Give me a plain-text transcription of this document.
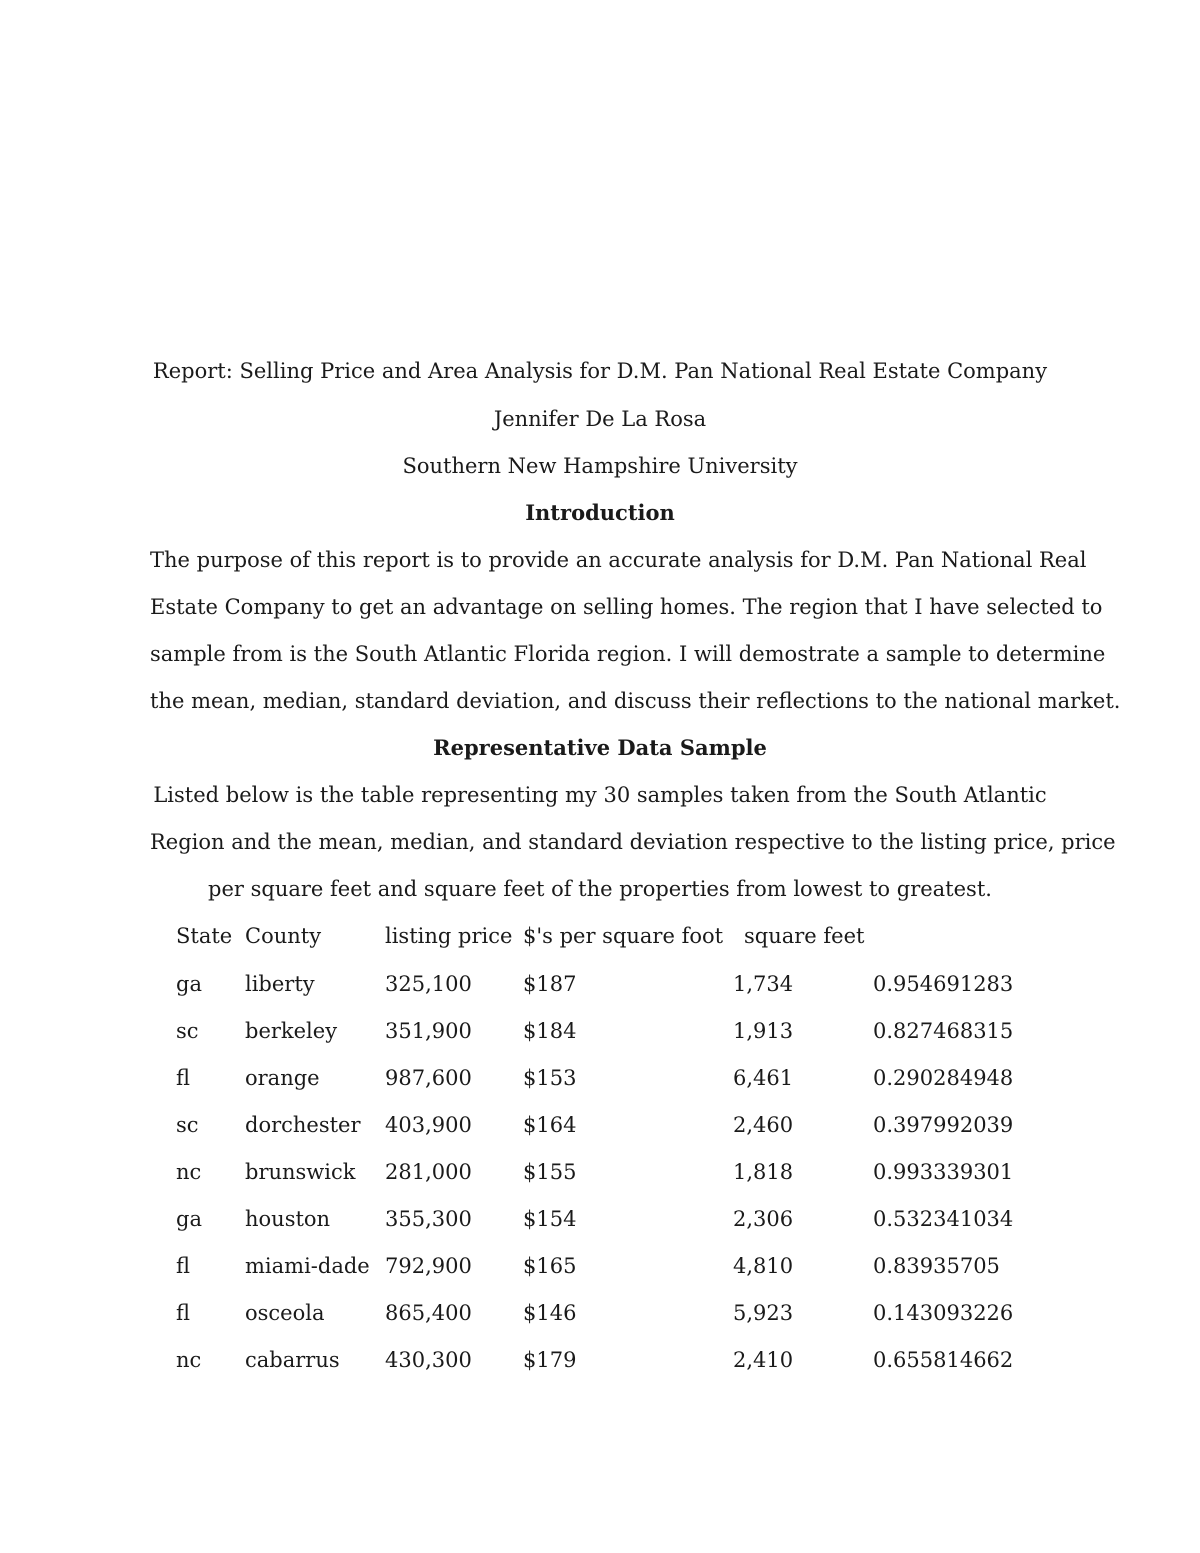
Report: Selling Price and Area Analysis for D.M. Pan National Real Estate Company
Jennifer De La Rosa
Southern New Hampshire University
Introduction
The purpose of this report is to provide an accurate analysis for D.M. Pan National Real
Estate Company to get an advantage on selling homes. The region that I have selected to
sample from is the South Atlantic Florida region. I will demostrate a sample to determine
the mean, median, standard deviation, and discuss their reflections to the national market.
Representative Data Sample
Listed below is the table representing my 30 samples taken from the South Atlantic
Region and the mean, median, and standard deviation respective to the listing price, price
per square feet and square feet of the properties from lowest to greatest.
State County	listing price $'s per square foot square feet
ga	liberty	325,100	$187	1,734	0.954691283
sc	berkeley	351,900	$184	1,913	0.827468315
fl	orange	987,600	$153	6,461	0.290284948
sc	dorchester	403,900	$164	2,460	0.397992039
nc	brunswick	281,000	$155	1,818	0.993339301
ga	houston	355,300	$154	2,306	0.532341034
fl	miami-dade 792,900	$165	4,810	0.83935705
fl	osceola	865,400	$146	5,923	0.143093226
nc	cabarrus	430,300	$179	2,410	0.655814662
